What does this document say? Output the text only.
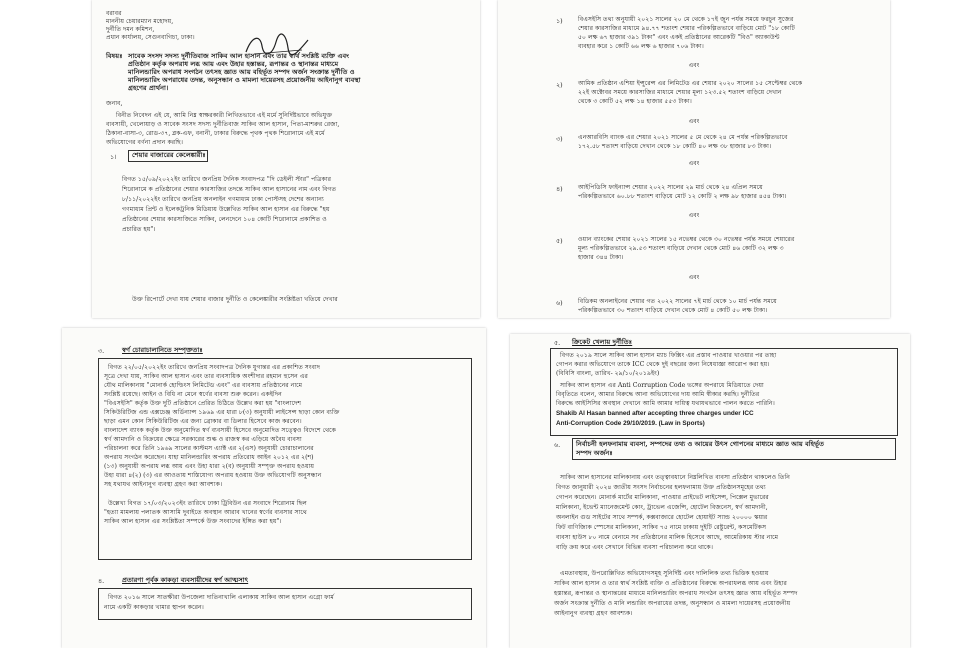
বরাবর
মাননীয় চেয়ারম্যান মহোদয়,
দুর্নীতি দমন কমিশন,
প্রধান কার্যালয়, সেগুনবাগিচা, ঢাকা।
বিষয়ঃ সাবেক সংসদ সদস্য দুর্নীতিবাজ সাকিব আল হাসান এবং তার স্বার্থ সংশ্লিষ্ট ব্যক্তি এবং
প্রতিষ্ঠান কর্তৃক অপরাধ লব্ধ আয় এবং উহার হস্তান্তর, রূপান্তর ও স্থানান্তর মাধ্যমে
মানিলন্ডারিং অপরাধ সংগঠন তৎসহ জ্ঞাত আয় বহির্ভূত সম্পদ অর্জন সংক্রান্ত দুর্নীতি ও
মানিলন্ডারিং অপরাধের তদন্ত, অনুসন্ধান ও মামলা দায়েরসহ প্রয়োজনীয় আইনানুগ ব্যবস্থা
গ্রহণের প্রার্থনা।
জনাব,
বিনীত নিবেদন এই যে, আমি নিম্ন স্বাক্ষরকারী লিখিতভাবে এই মর্মে সুনির্দিষ্টভাবে অভিযুক্ত
ব্যবসায়ী, খেলোয়াড় ও সাবেক সংসদ সদস্য দুর্নীতিবাজ সাকিব আল হাসান, পিতা-মাশরুর রেজা,
ঠিকানা-বাসা-৩, রোড-৩৭, ব্লক-এফ, বনানী, ঢাকার বিরুদ্ধে পৃথক পৃথক শিরোনামে এই মর্মে
অভিযোগের বর্ণনা প্রদান করছি।
১। শেয়ার বাজারের কেলেঙ্কারীঃ
বিগত ১৫/০৯/২০২২ইং তারিখে জনপ্রিয় দৈনিক সংবাদপত্র "দি ডেইলী স্টার" পত্রিকার
শিরোনামে ক প্রতিষ্ঠানের শেয়ার কারসাজির তদন্তে সাকিব আল হাসানের নাম এবং বিগত
৮/১১/২০২২ইং তারিখে জনপ্রিয় অনলাইন গণমাধ্যম ঢাকা পোস্টসহ দেশের অন্যান্য
গণমাধ্যম প্রিন্ট ও ইলেকট্রনিক মিডিয়ায় উল্লেখিত সাকিব আল হাসান এর বিরুদ্ধে "হয়
প্রতিষ্ঠানের শেয়ার কারসাজিতে সাকিব, লেনদেনে ১০৪ কোটি শিরোনামে প্রকাশিত ও
প্রচারিত হয়"।
উক্ত রিপোর্টে দেখা যায় শেয়ার বাজার দুর্নীতি ও কেলেঙ্কারীর সংশ্লিষ্টতা খতিয়ে দেখার
১) বিএসইসি তথ্য অনুযায়ী ২০২১ সালের ২০ মে থেকে ১৭ই জুন পর্যন্ত সময়ে ফরচুন সুজের
শেয়ার কারসাজির মাধ্যমে ৯৪.৭৭ শতাংশ শেয়ার পরিকল্পিতভাবে বাড়িয়ে মোট "১৮ কোটি
৫০ লক্ষ ৬৭ হাজার ৩৯১ টাকা" এবং একই প্রতিষ্ঠানের আরেকটি "বিও" অ্যাকাউন্ট
ব্যবহার করে ১ কোটি ৬৬ লক্ষ ৬ হাজার ৭০৬ টাকা।
এবং
২) আমিক প্রতিষ্ঠান এশিয়া ইন্সুরেন্স এর লিমিটেড এর শেয়ার ২০২০ সালের ১৫ সেপ্টেম্বর থেকে
২২ই অক্টোবর সময়ে কারসাজির মাধ্যমে শেয়ার মূল্য ১২৩.৫২ শতাংশ বাড়িয়ে দেখান
থেকে ৩ কোটি ৫২ লক্ষ ১৪ হাজার ৫৫৩ টাকা।
এবং
৩) এনআরবিসি ব্যাংক এর শেয়ার ২০২১ সালের ৫ মে থেকে ২৪ মে পর্যন্ত পরিকল্পিতভাবে
১৭২.৫৮ শতাংশ বাড়িয়ে দেখান থেকে ১৮ কোটি ৪০ লক্ষ ৩৮ হাজার ৮৩ টাকা।
এবং
৪) আইপিডিসি ফাইন্যান্স শেয়ার ২০২২ সালের ২৯ মার্চ থেকে ২৪ এপ্রিল সময়ে
পরিকল্পিতভাবে ৬০.৮৮ শতাংশ বাড়িয়ে মোট ১২ কোটি ২ লক্ষ ৯৮ হাজার ৪৫৪ টাকা।
এবং
৫) ওয়ান ব্যাংকের শেয়ার ২০২১ সালের ১৫ নভেম্বর থেকে ৩০ নভেম্বর পর্যন্ত সময়ে শেয়ারের
মূল্য পরিকল্পিতভাবে ২৯.৫৩ শতাংশ বাড়িয়ে দেখান থেকে মোট ৪৬ কোটি ৩২ লক্ষ ৩
হাজার ৩৪৪ টাকা।
এবং
৬) বিডিকম অনলাইনের শেয়ার গত ২০২২ সালের ৭ই মার্চ থেকে ১০ মার্চ পর্যন্ত সময়ে
পরিকল্পিতভাবে ৩০ শতাংশ বাড়িয়ে দেখান থেকে মোট ৪ কোটি ৫০ লক্ষ টাকা।
৩.	স্বর্ণ চোরাচালানিতে সম্পৃক্ততাঃ
বিগত ২২/০৫/২০২২ইং তারিখে জনপ্রিয় সংবাদপত্র দৈনিক যুগান্তর এর প্রকাশিত সংবাদ
সূত্রে দেখা যায়, সাকিব আল হাসান এবং তার ব্যবসায়িক অংশীদার রহমান হুসেন এর
যৌথ মালিকানায় "মোনার্ক হোল্ডিংস লিমিটেড এবং" এর ব্যবসায় প্রতিষ্ঠানের নামে
সংশ্লিষ্ট রয়েছে। আইন ও বিধি না মেনে স্বর্ণের ব্যবসা শুরু করেন। একইদিন
"বিএসইসি" কর্তৃক উক্ত দুটি প্রতিষ্ঠানে প্রেরিত চিঠিতে উল্লেখ করা হয় "বাংলাদেশ
সিকিউরিটিজ এন্ড এক্সচেঞ্জ অর্ডিন্যান্স ১৯৬৯ এর ধারা ৮(৩) অনুযায়ী লাইসেন্স ছাড়া কোন ব্যক্তি
ছাড়া এমন কোন সিকিউরিটিজ এর জন্য ব্রোকার বা ডিলার হিসেবে কাজ করবেন।
বাংলাদেশ ব্যাংক কর্তৃক উক্ত অনুমোদিত স্বর্ণ ব্যবসায়ী হিসেবে অনুমোদিত সত্ত্বেও বিদেশে থেকে
স্বর্ণ আমদানি ও বিক্রয়ের ক্ষেত্রে সরকারের শুল্ক ও রাজস্ব কর এড়িয়ে অবৈধ ব্যবসা
পরিচালনা করে তিনি ১৯৬৯ সালের কাস্টমস এ্যাক্ট এর ২(এস) অনুযায়ী চোরাচালানের
অপরাধ সংগঠন করেছেন। যাহা মানিলন্ডারিং অপরাধ প্রতিরোধ আইন ২০১২ এর ২(শ)
(১৩) অনুযায়ী অপরাধ লব্ধ আয় এবং উহা ধারা ২(ব) অনুযায়ী সম্পৃক্ত অপরাধ হওয়ায়
উহা ধারা ৪(২) (৩) এর আওতায় শাস্তিযোগ্য অপরাধ হওয়ায় উক্ত অভিযোগটি অনুসন্ধান
সহ যথাযথ আইনানুগ ব্যবস্থা গ্রহণ করা আবশ্যক।
উল্লেখ্য বিগত ১৭/০৩/২০২৩ইং তারিখে ঢাকা ট্রিবিউন এর সংবাদে শিরোনাম ছিল
"হত্যা মামলায় পলাতক আসামি দুবাইতে অবস্থান আরাব খানের স্বর্ণের ব্যবসার সাথে
সাকিব আল হাসান এর সংশ্লিষ্টতা সম্পর্কে উক্ত সংবাদের ইঙ্গিত করা হয়"।
৪.	প্রতারণা পূর্বক কাকড়া ব্যবসায়ীদের স্বর্ণ আত্মসাৎ
বিগত ২০১৬ সালে সাতক্ষীরা উপজেলা দাতিনাখালি এলাকায় সাকিব আল হাসান এগ্রো ফার্ম
নামে একটি কাকড়ার খামার স্থাপন করেন।
৫. ক্রিকেট খেলায় দুর্নীতিঃ
বিগত ২০১৯ সালে সাকিব আল হাসান ম্যাচ ফিক্সিং এর প্রস্তাব পাওয়ার খাওয়ার পর তাহা
গোপন করার অভিযোগে তাকে ICC থেকে দুই বছরের জন্য নিষেধাজ্ঞা আরোপ করা হয়।
(বিবিসি বাংলা, তারিখ- ২৯/১০/২০১৯ইং)
সাকিব আল হাসান এর Anti Corruption Code ভঙ্গের অপরাধে মিডিয়াতে দেয়া
বিবৃতিতে বলেন, আমার বিরুদ্ধে আনা অভিযোগের দায় আমি স্বীকার করছি। দুর্নীতির
বিরুদ্ধে আইসিসির অবস্থান দেখানে আমি আমার দায়িত্ব যথাযথভাবে পালন করতে পারিনি।
Shakib Al Hasan banned after accepting three charges under ICC
Anti-Corruption Code 29/10/2019. (Law in Sports)
৬. নির্বাচনী হলফনামায় ব্যবসা, সম্পদের তথ্য ও আয়ের উৎস গোপনের মাধ্যমে জ্ঞাত আয় বহির্ভূত
সম্পদ অর্জনঃ
সাকিব আল হাসানের মালিকানায় এবং তত্ত্বাবধানে নিম্নলিখিত ব্যবসা প্রতিষ্ঠান থাকলেও তিনি
বিগত জানুয়ারী ২০২৪ জাতীয় সংসদ নির্বাচনের হলফনামায় উক্ত প্রতিষ্ঠানসমূহের তথ্য
গোপন করেছেন। মোনার্ক মার্টের মালিকানা, পাওয়ার প্রাইভেট লাইসেন্স, পিক্সেল মুভারের
মালিকানা, ইভেন্ট ম্যানেজমেন্ট কোং, ট্রাভেল এজেন্সি, হোটেল বিজনেস, স্বর্ণ আমদানী,
অনলাইন গুড সাইটের সাথে সম্পর্ক, কক্সবাজারে হোটেল হোয়াইট স্যান্ড ২০০০০ স্কয়ার
ফিট বাণিজ্যিক স্পেসের মালিকানা, সাকিব ৭৫ নামে ঢাকায় দুইটি রেষ্টুরেন্ট, কসমেটিকস
ব্যবসা হাউস ৮০ নামে বেনামে সব প্রতিষ্ঠানের মালিক হিসেবে আছে, আমেরিকায় স্টার নামে
বাড়ি ক্রয় করে এবং সেখানে বিভিন্ন ব্যবসা পরিচালনা করে থাকে।
এমতাবস্থায়, উপরোল্লিখিত অভিযোগসমূহ সুনির্দিষ্ট এবং দালিলিক তথ্য ভিত্তিক হওয়ায়
সাকিব আল হাসান ও তার স্বার্থ সংশ্লিষ্ট ব্যক্তি ও প্রতিষ্ঠানের বিরুদ্ধে অপরাধলব্ধ আয় এবং উহার
হস্তান্তর, রূপান্তর ও স্থানান্তরের মাধ্যমে মানিলন্ডারিং অপরাধ সংগঠন তৎসহ জ্ঞাত আয় বহির্ভূত সম্পদ
অর্জন সংক্রান্ত দুর্নীতি ও মানি লন্ডারিং অপরাধের তদন্ত, অনুসন্ধান ও মামলা দায়েরসহ প্রয়োজনীয়
আইনানুগ ব্যবস্থা গ্রহণ আবশ্যক।
